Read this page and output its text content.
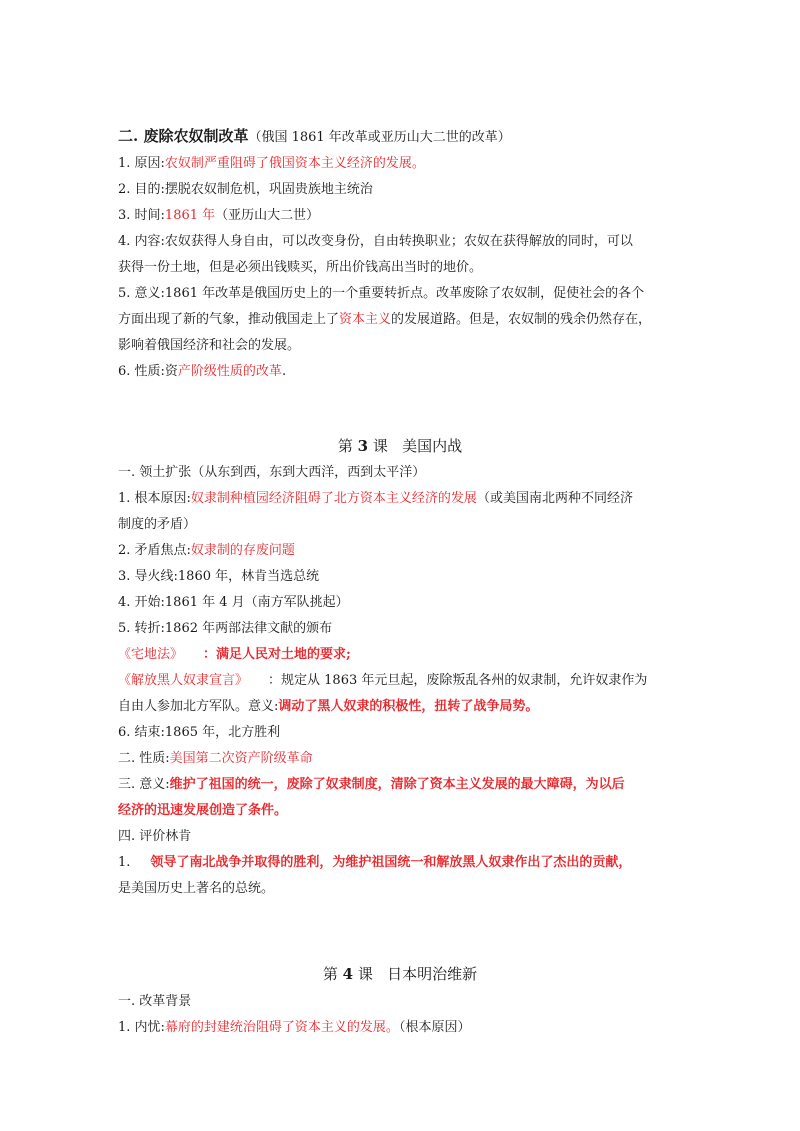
二. 废除农奴制改革（俄国 1861 年改革或亚历山大二世的改革）
1. 原因:农奴制严重阻碍了俄国资本主义经济的发展。
2. 目的:摆脱农奴制危机，巩固贵族地主统治
3. 时间:1861 年（亚历山大二世）
4. 内容:农奴获得人身自由，可以改变身份，自由转换职业；农奴在获得解放的同时，可以
获得一份土地，但是必须出钱赎买，所出价钱高出当时的地价。
5. 意义:1861 年改革是俄国历史上的一个重要转折点。改革废除了农奴制，促使社会的各个
方面出现了新的气象，推动俄国走上了资本主义的发展道路。但是，农奴制的残余仍然存在，
影响着俄国经济和社会的发展。
6. 性质:资产阶级性质的改革.
第 3 课 美国内战
一. 领土扩张（从东到西，东到大西洋，西到太平洋）
1. 根本原因:奴隶制种植园经济阻碍了北方资本主义经济的发展（或美国南北两种不同经济
制度的矛盾）
2. 矛盾焦点:奴隶制的存废问题
3. 导火线:1860 年，林肯当选总统
4. 开始:1861 年 4 月（南方军队挑起）
5. 转折:1862 年两部法律文献的颁布
《宅地法》 ：满足人民对土地的要求;
《解放黑人奴隶宣言》 ：规定从 1863 年元旦起，废除叛乱各州的奴隶制，允许奴隶作为
自由人参加北方军队。意义:调动了黑人奴隶的积极性，扭转了战争局势。
6. 结束:1865 年，北方胜利
二. 性质:美国第二次资产阶级革命
三. 意义:维护了祖国的统一，废除了奴隶制度，清除了资本主义发展的最大障碍，为以后
经济的迅速发展创造了条件。
四. 评价林肯
1. 领导了南北战争并取得的胜利，为维护祖国统一和解放黑人奴隶作出了杰出的贡献，
是美国历史上著名的总统。
第 4 课 日本明治维新
一. 改革背景
1. 内忧:幕府的封建统治阻碍了资本主义的发展。（根本原因）
